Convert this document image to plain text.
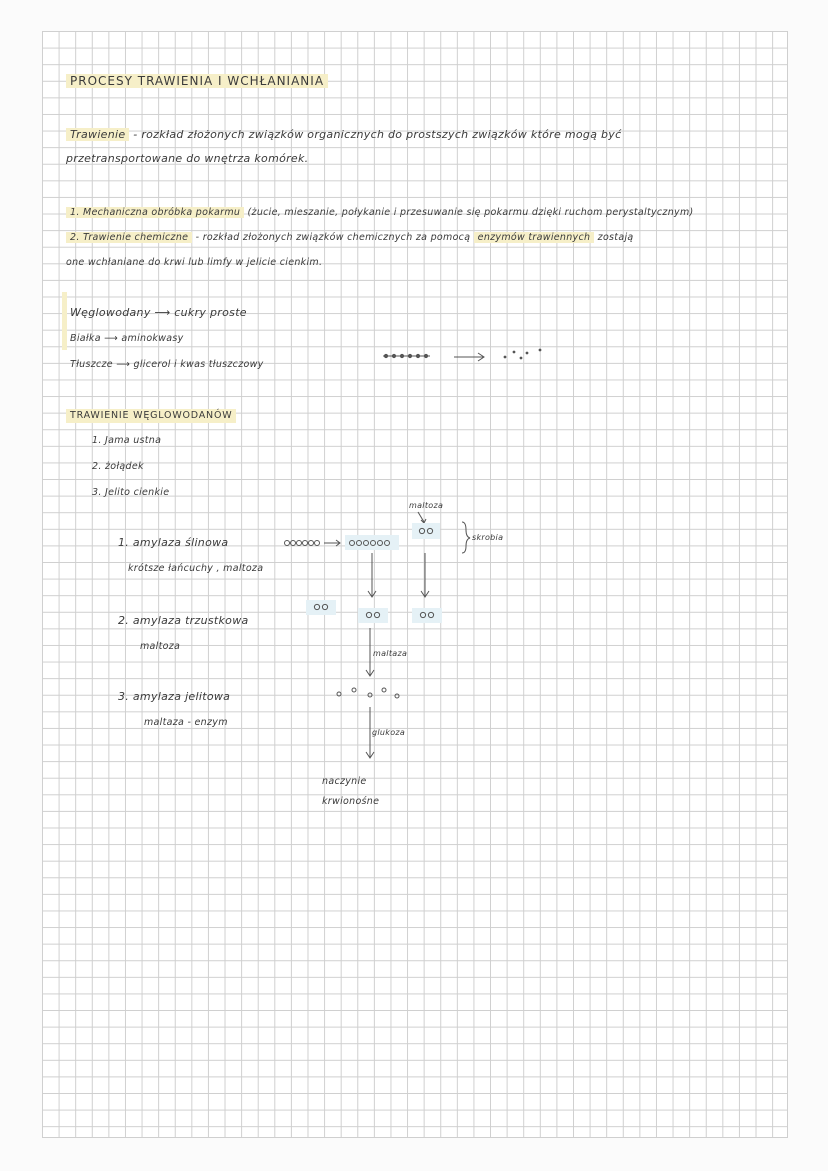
PROCESY TRAWIENIA I WCHŁANIANIA
Trawienie - rozkład złożonych związków organicznych do prostszych związków które mogą być
przetransportowane do wnętrza komórek.
1. Mechaniczna obróbka pokarmu (żucie, mieszanie, połykanie i przesuwanie się pokarmu dzięki ruchom perystaltycznym)
2. Trawienie chemiczne - rozkład złożonych związków chemicznych za pomocą enzymów trawiennych zostają
one wchłaniane do krwi lub limfy w jelicie cienkim.
Węglowodany ⟶ cukry proste
Białka ⟶ aminokwasy
Tłuszcze ⟶ glicerol i kwas tłuszczowy
TRAWIENIE WĘGLOWODANÓW
1. Jama ustna
2. żołądek
3. Jelito cienkie
1. amylaza ślinowa
krótsze łańcuchy , maltoza
2. amylaza trzustkowa
maltoza
3. amylaza jelitowa
maltaza - enzym
maltoza
skrobia
maltaza
glukoza
naczynie krwionośne
